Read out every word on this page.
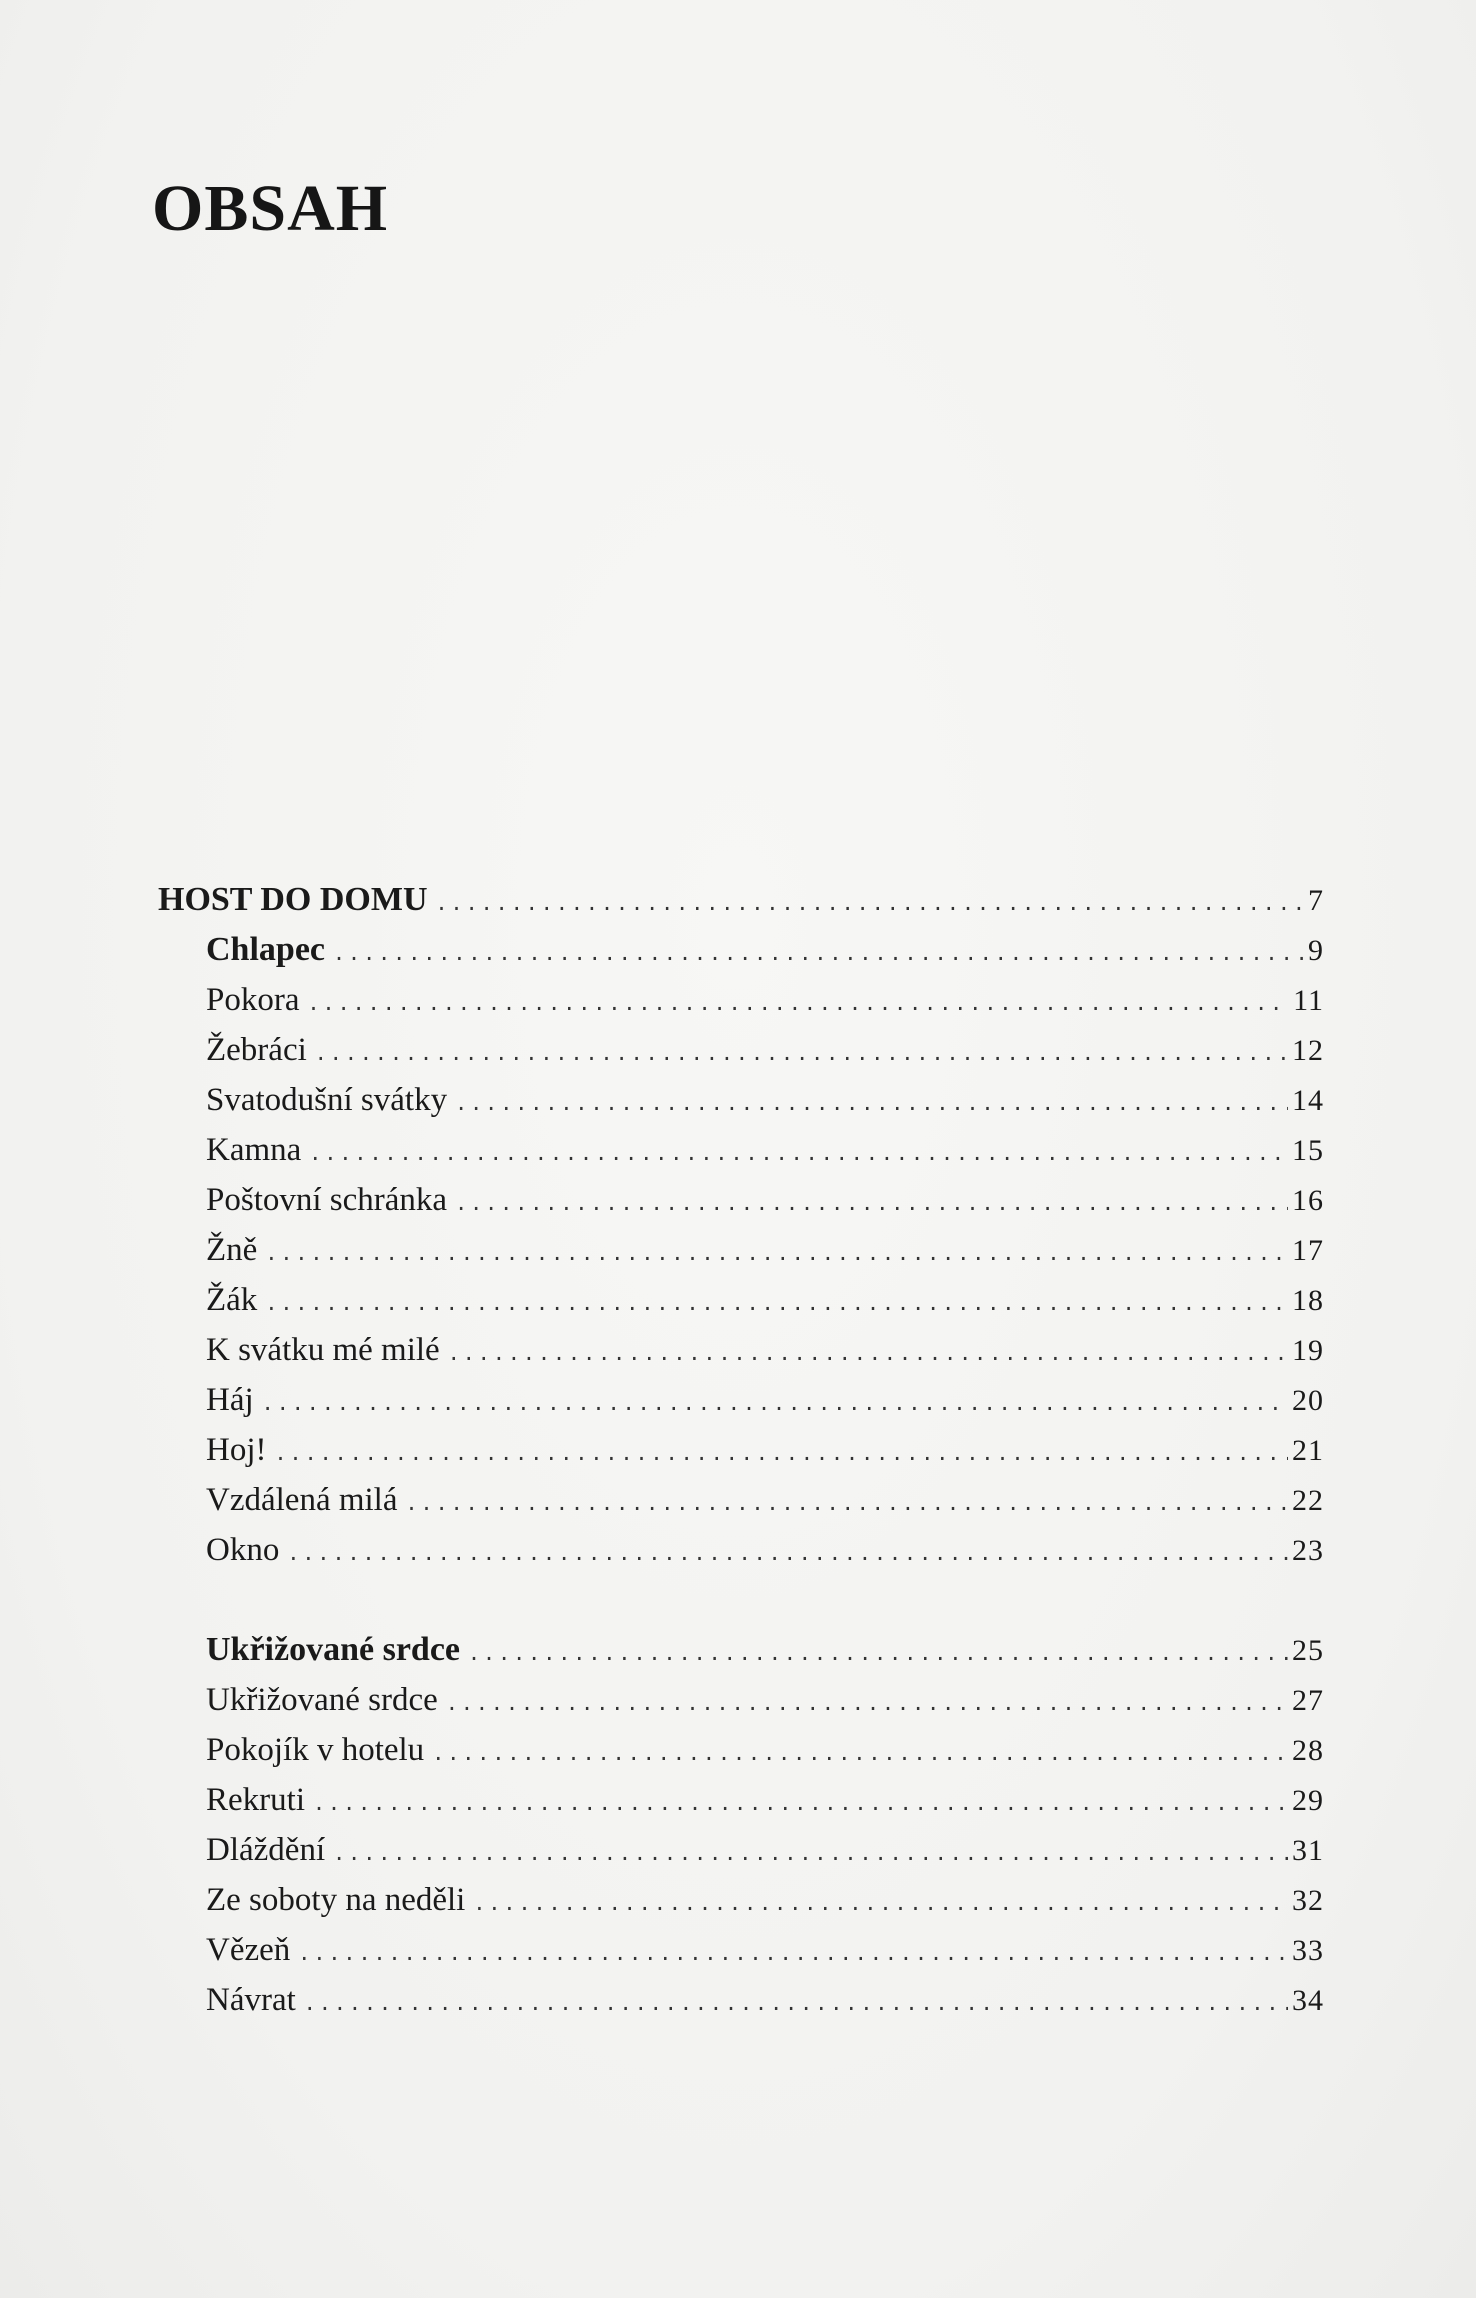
OBSAH
HOST DO DOMU .....	7
Chlapec .....	9
Pokora .....	11
Žebráci .....	12
Svatodušní svátky .....	14
Kamna .....	15
Poštovní schránka .....	16
Žně .....	17
Žák .....	18
K svátku mé milé .....	19
Háj .....	20
Hoj! .....	21
Vzdálená milá .....	22
Okno .....	23
Ukřižované srdce .....	25
Ukřižované srdce .....	27
Pokojík v hotelu .....	28
Rekruti .....	29
Dláždění .....	31
Ze soboty na neděli .....	32
Vězeň .....	33
Návrat .....	34
